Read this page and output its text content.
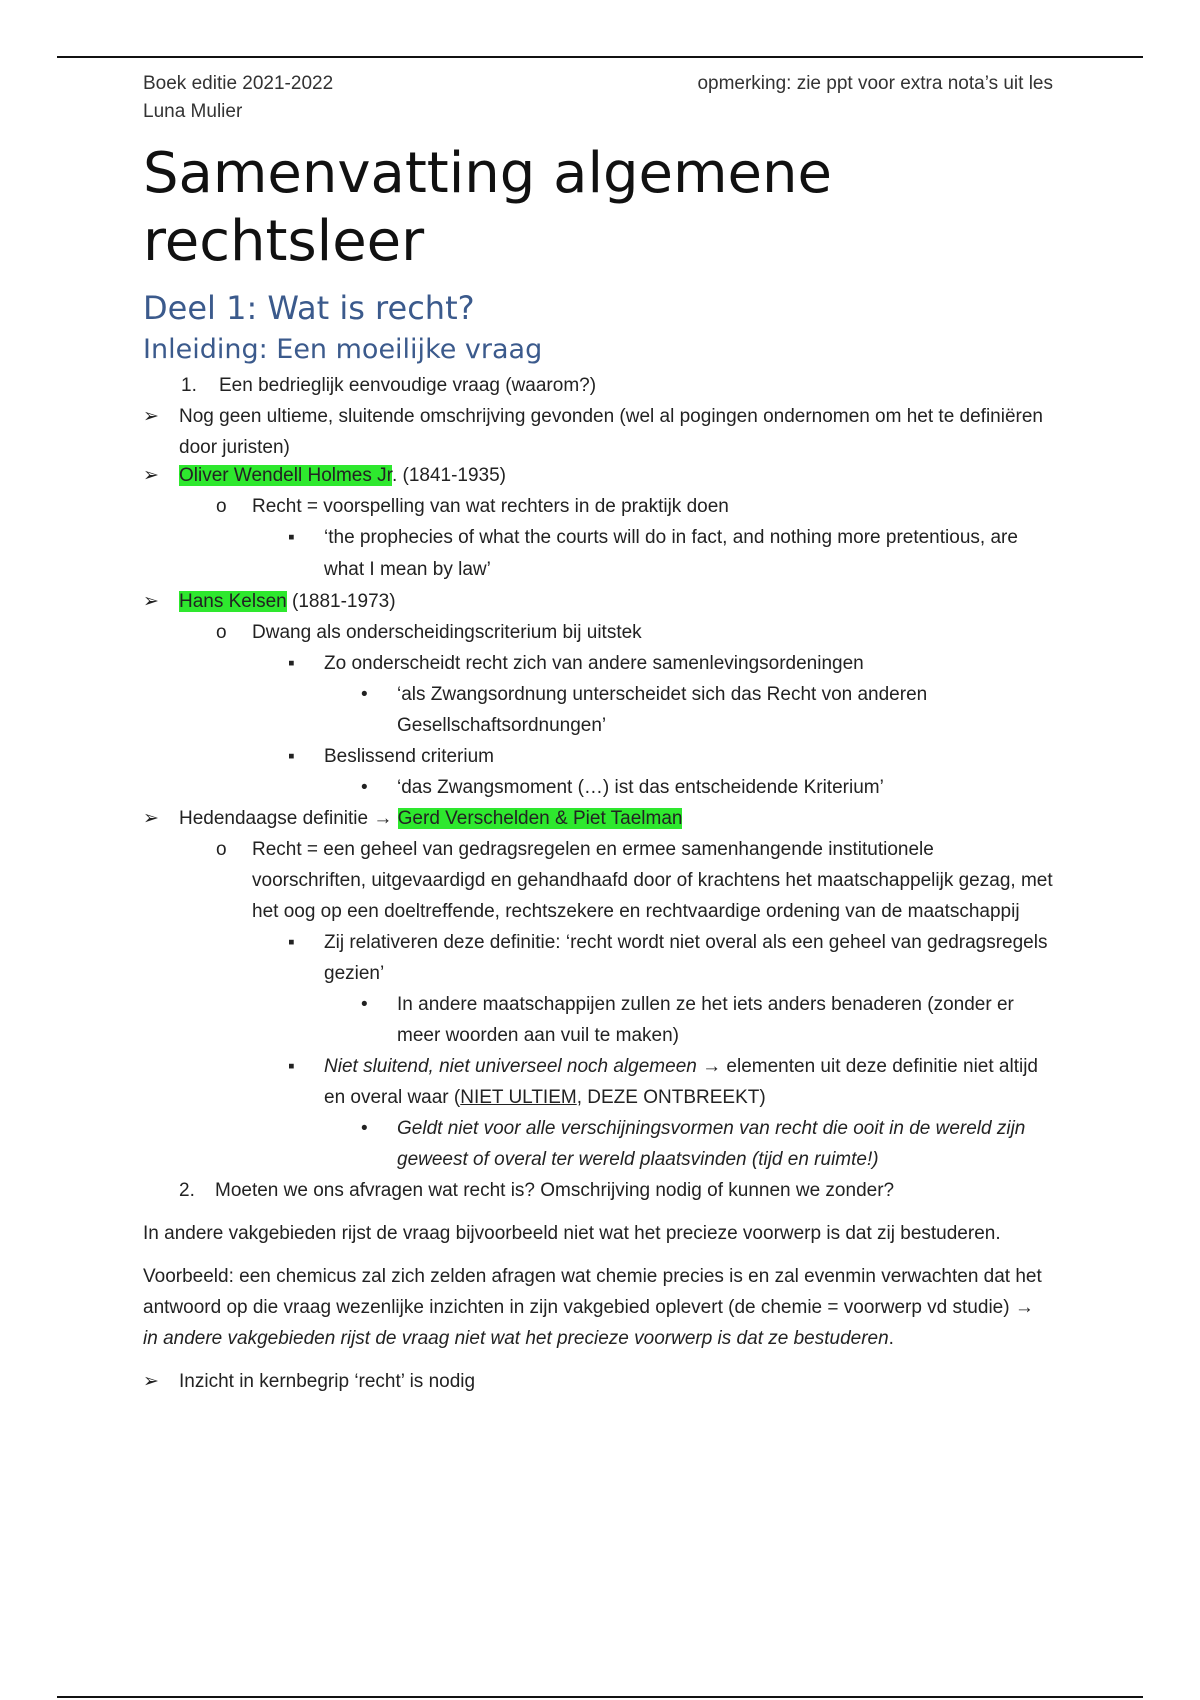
Boek editie 2021-2022	opmerking: zie ppt voor extra nota’s uit les
Luna Mulier
Samenvatting algemene rechtsleer
Deel 1: Wat is recht?
Inleiding: Een moeilijke vraag
1. Een bedrieglijk eenvoudige vraag (waarom?)
➢ Nog geen ultieme, sluitende omschrijving gevonden (wel al pogingen ondernomen om het te definiëren door juristen)
➢ Oliver Wendell Holmes Jr. (1841-1935)
o Recht = voorspelling van wat rechters in de praktijk doen
▪ ‘the prophecies of what the courts will do in fact, and nothing more pretentious, are what I mean by law’
➢ Hans Kelsen (1881-1973)
o Dwang als onderscheidingscriterium bij uitstek
▪ Zo onderscheidt recht zich van andere samenlevingsordeningen
• ‘als Zwangsordnung unterscheidet sich das Recht von anderen Gesellschaftsordnungen’
▪ Beslissend criterium
• ‘das Zwangsmoment (…) ist das entscheidende Kriterium’
➢ Hedendaagse definitie → Gerd Verschelden & Piet Taelman
o Recht = een geheel van gedragsregelen en ermee samenhangende institutionele voorschriften, uitgevaardigd en gehandhaafd door of krachtens het maatschappelijk gezag, met het oog op een doeltreffende, rechtszekere en rechtvaardige ordening van de maatschappij
▪ Zij relativeren deze definitie: ‘recht wordt niet overal als een geheel van gedragsregels gezien’
• In andere maatschappijen zullen ze het iets anders benaderen (zonder er meer woorden aan vuil te maken)
▪ Niet sluitend, niet universeel noch algemeen → elementen uit deze definitie niet altijd en overal waar (NIET ULTIEM, DEZE ONTBREEKT)
• Geldt niet voor alle verschijningsvormen van recht die ooit in de wereld zijn geweest of overal ter wereld plaatsvinden (tijd en ruimte!)
2. Moeten we ons afvragen wat recht is? Omschrijving nodig of kunnen we zonder?

In andere vakgebieden rijst de vraag bijvoorbeeld niet wat het precieze voorwerp is dat zij bestuderen.

Voorbeeld: een chemicus zal zich zelden afragen wat chemie precies is en zal evenmin verwachten dat het antwoord op die vraag wezenlijke inzichten in zijn vakgebied oplevert (de chemie = voorwerp vd studie) → in andere vakgebieden rijst de vraag niet wat het precieze voorwerp is dat ze bestuderen.

➢ Inzicht in kernbegrip ‘recht’ is nodig
